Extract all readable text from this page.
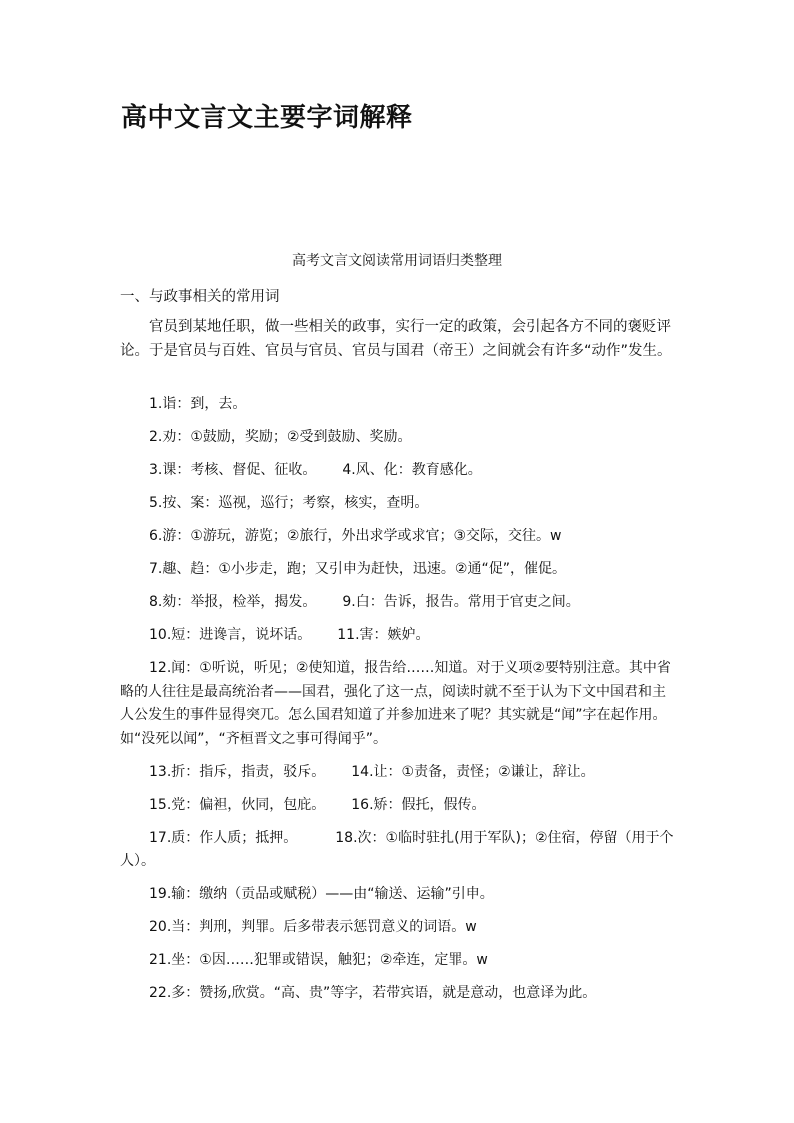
高中文言文主要字词解释
高考文言文阅读常用词语归类整理
一、与政事相关的常用词

官员到某地任职，做一些相关的政事，实行一定的政策，会引起各方不同的褒贬评论。于是官员与百姓、官员与官员、官员与国君（帝王）之间就会有许多“动作”发生。

1.诣：到，去。

2.劝：①鼓励，奖励；②受到鼓励、奖励。

3.课：考核、督促、征收。 4.风、化：教育感化。

5.按、案：巡视，巡行；考察，核实，查明。

6.游：①游玩，游览；②旅行，外出求学或求官；③交际，交往。w

7.趣、趋：①小步走，跑；又引申为赶快，迅速。②通“促”，催促。

8.劾：举报，检举，揭发。 9.白：告诉，报告。常用于官吏之间。

10.短：进谗言，说坏话。 11.害：嫉妒。

12.闻：①听说，听见；②使知道，报告给……知道。对于义项②要特别注意。其中省略的人往往是最高统治者——国君，强化了这一点，阅读时就不至于认为下文中国君和主人公发生的事件显得突兀。怎么国君知道了并参加进来了呢？其实就是“闻”字在起作用。如“没死以闻”，“齐桓晋文之事可得闻乎”。

13.折：指斥，指责，驳斥。 14.让：①责备，责怪；②谦让，辞让。

15.党：偏袒，伙同，包庇。 16.矫：假托，假传。

17.质：作人质；抵押。	18.次：①临时驻扎(用于军队)；②住宿，停留（用于个人）。

19.输：缴纳（贡品或赋税）——由“输送、运输”引申。

20.当：判刑，判罪。后多带表示惩罚意义的词语。w

21.坐：①因……犯罪或错误，触犯；②牵连，定罪。w

22.多：赞扬,欣赏。“高、贵”等字，若带宾语，就是意动，也意译为此。
